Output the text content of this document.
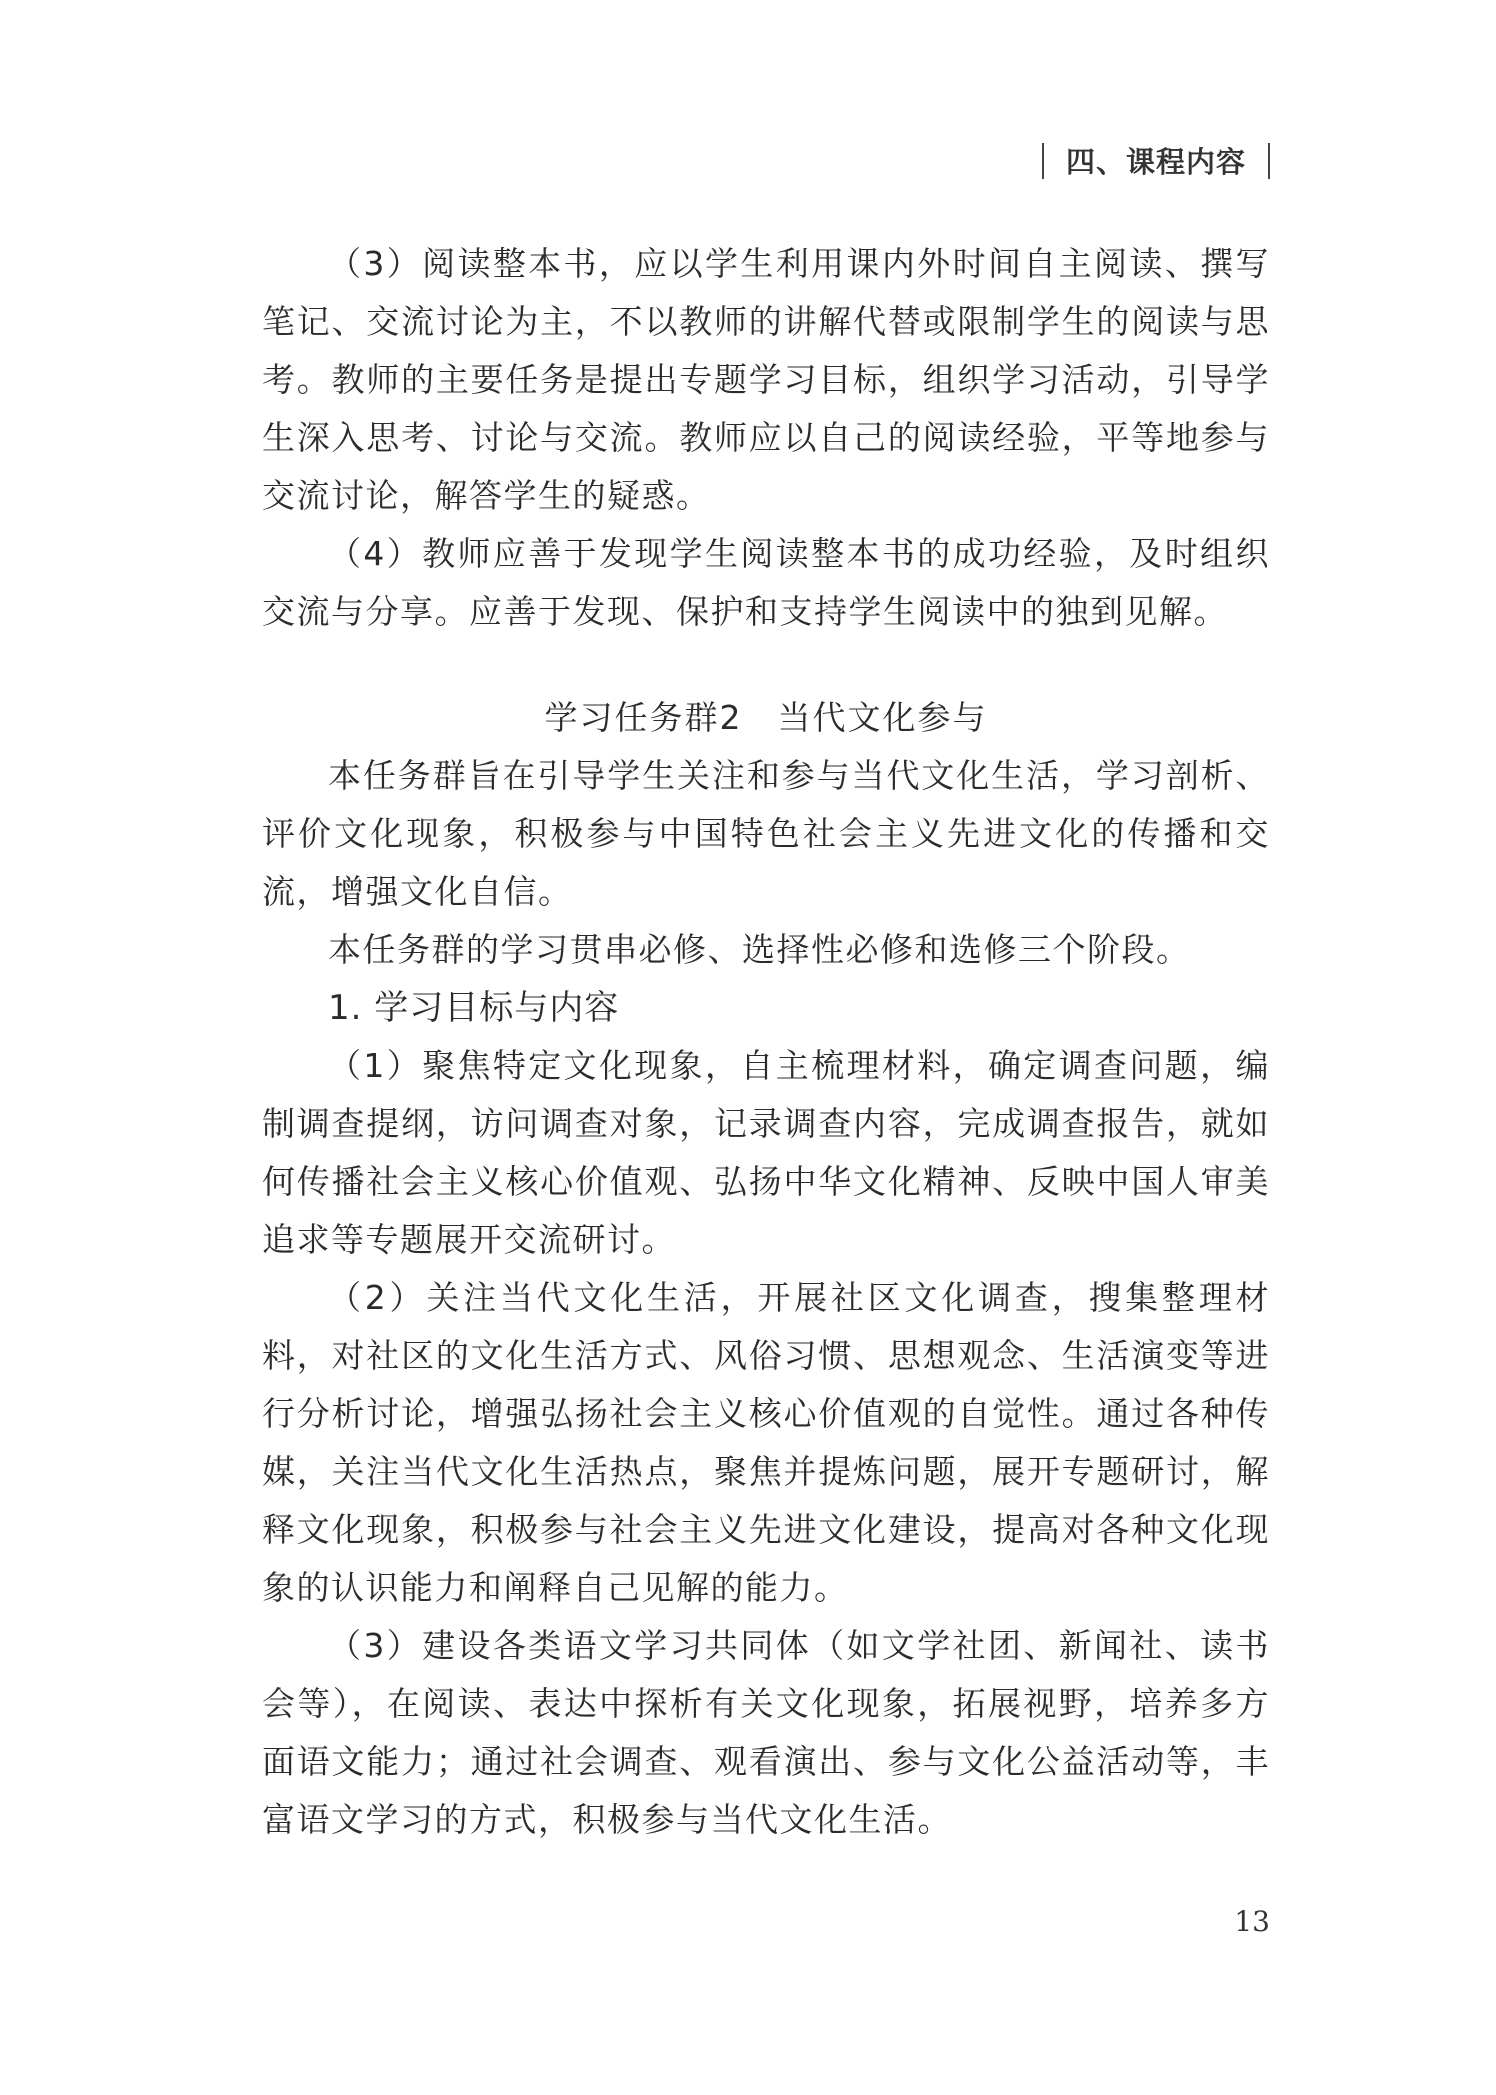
四、课程内容

（3）阅读整本书，应以学生利用课内外时间自主阅读、撰写笔记、交流讨论为主，不以教师的讲解代替或限制学生的阅读与思考。教师的主要任务是提出专题学习目标，组织学习活动，引导学生深入思考、讨论与交流。教师应以自己的阅读经验，平等地参与交流讨论，解答学生的疑惑。

（4）教师应善于发现学生阅读整本书的成功经验，及时组织交流与分享。应善于发现、保护和支持学生阅读中的独到见解。

学习任务群2　当代文化参与

本任务群旨在引导学生关注和参与当代文化生活，学习剖析、评价文化现象，积极参与中国特色社会主义先进文化的传播和交流，增强文化自信。

本任务群的学习贯串必修、选择性必修和选修三个阶段。

1. 学习目标与内容

（1）聚焦特定文化现象，自主梳理材料，确定调查问题，编制调查提纲，访问调查对象，记录调查内容，完成调查报告，就如何传播社会主义核心价值观、弘扬中华文化精神、反映中国人审美追求等专题展开交流研讨。

（2）关注当代文化生活，开展社区文化调查，搜集整理材料，对社区的文化生活方式、风俗习惯、思想观念、生活演变等进行分析讨论，增强弘扬社会主义核心价值观的自觉性。通过各种传媒，关注当代文化生活热点，聚焦并提炼问题，展开专题研讨，解释文化现象，积极参与社会主义先进文化建设，提高对各种文化现象的认识能力和阐释自己见解的能力。

（3）建设各类语文学习共同体（如文学社团、新闻社、读书会等），在阅读、表达中探析有关文化现象，拓展视野，培养多方面语文能力；通过社会调查、观看演出、参与文化公益活动等，丰富语文学习的方式，积极参与当代文化生活。

13
